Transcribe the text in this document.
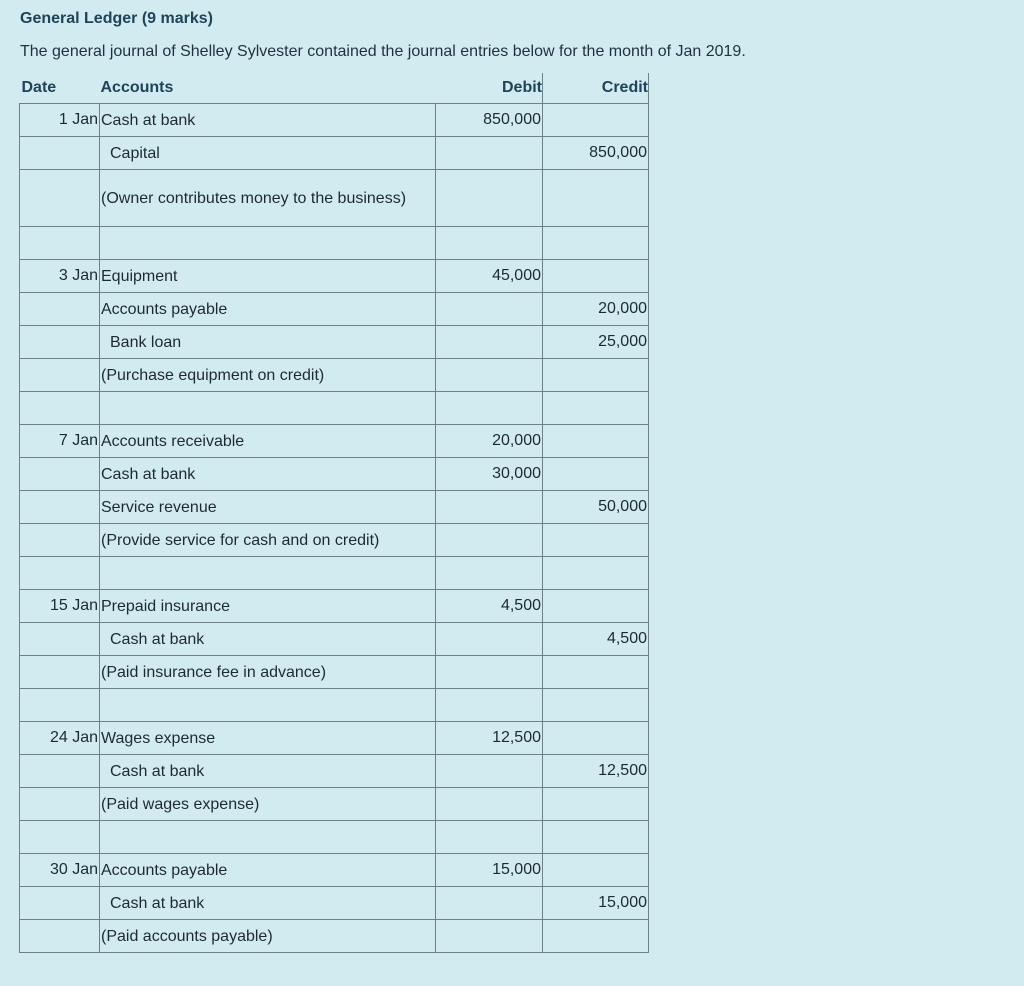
General Ledger (9 marks)
The general journal of Shelley Sylvester contained the journal entries below for the month of Jan 2019.
Date	Accounts	Debit	Credit
1 Jan	Cash at bank	850,000	
	Capital		850,000
	(Owner contributes money to the business)		

3 Jan	Equipment	45,000	
	Accounts payable		20,000
	Bank loan		25,000
	(Purchase equipment on credit)		

7 Jan	Accounts receivable	20,000	
	Cash at bank	30,000	
	Service revenue		50,000
	(Provide service for cash and on credit)		

15 Jan	Prepaid insurance	4,500	
	Cash at bank		4,500
	(Paid insurance fee in advance)		

24 Jan	Wages expense	12,500	
	Cash at bank		12,500
	(Paid wages expense)		

30 Jan	Accounts payable	15,000	
	Cash at bank		15,000
	(Paid accounts payable)		
